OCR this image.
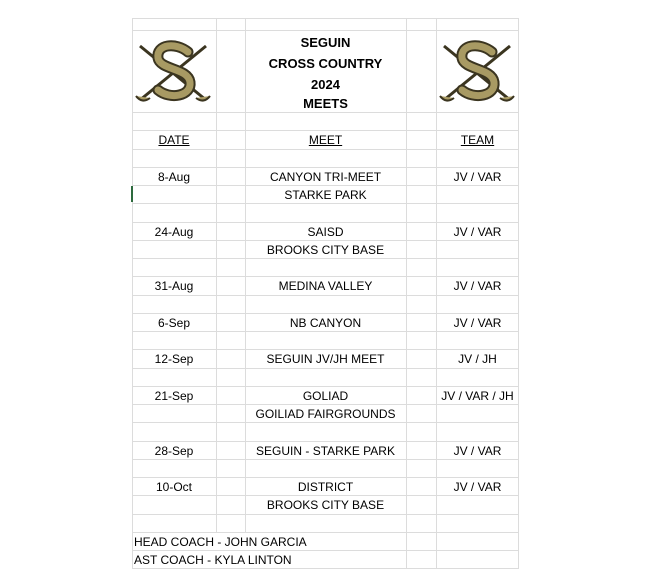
SEGUIN
CROSS COUNTRY
2024
MEETS
DATE	MEET	TEAM
8-Aug	CANYON TRI-MEET	JV / VAR
STARKE PARK
24-Aug	SAISD	JV / VAR
BROOKS CITY BASE
31-Aug	MEDINA VALLEY	JV / VAR
6-Sep	NB CANYON	JV / VAR
12-Sep	SEGUIN JV/JH MEET	JV / JH
21-Sep	GOLIAD	JV / VAR / JH
GOILIAD FAIRGROUNDS
28-Sep	SEGUIN - STARKE PARK	JV / VAR
10-Oct	DISTRICT	JV / VAR
BROOKS CITY BASE
HEAD COACH - JOHN GARCIA
AST COACH - KYLA LINTON
